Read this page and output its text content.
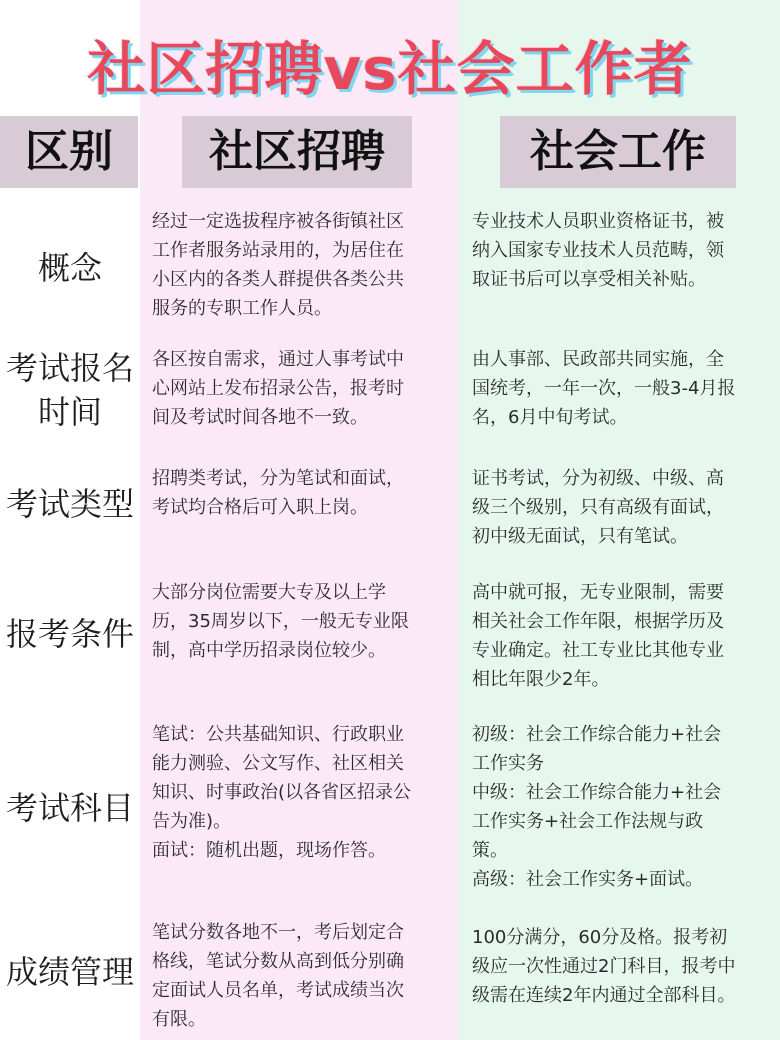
社区招聘vs社会工作者
区别	社区招聘	社会工作
概念
经过一定选拔程序被各街镇社区
工作者服务站录用的，为居住在
小区内的各类人群提供各类公共
服务的专职工作人员。
专业技术人员职业资格证书，被
纳入国家专业技术人员范畴，领
取证书后可以享受相关补贴。
考试报名
时间
各区按自需求，通过人事考试中
心网站上发布招录公告，报考时
间及考试时间各地不一致。
由人事部、民政部共同实施，全
国统考，一年一次，一般3-4月报
名，6月中旬考试。
考试类型
招聘类考试，分为笔试和面试，
考试均合格后可入职上岗。
证书考试，分为初级、中级、高
级三个级别，只有高级有面试，
初中级无面试，只有笔试。
报考条件
大部分岗位需要大专及以上学
历，35周岁以下，一般无专业限
制，高中学历招录岗位较少。
高中就可报，无专业限制，需要
相关社会工作年限，根据学历及
专业确定。社工专业比其他专业
相比年限少2年。
考试科目
笔试：公共基础知识、行政职业
能力测验、公文写作、社区相关
知识、时事政治(以各省区招录公
告为准)。
面试：随机出题，现场作答。
初级：社会工作综合能力+社会
工作实务
中级：社会工作综合能力+社会
工作实务+社会工作法规与政
策。
高级：社会工作实务+面试。
成绩管理
笔试分数各地不一，考后划定合
格线，笔试分数从高到低分别确
定面试人员名单，考试成绩当次
有限。
100分满分，60分及格。报考初
级应一次性通过2门科目，报考中
级需在连续2年内通过全部科目。
